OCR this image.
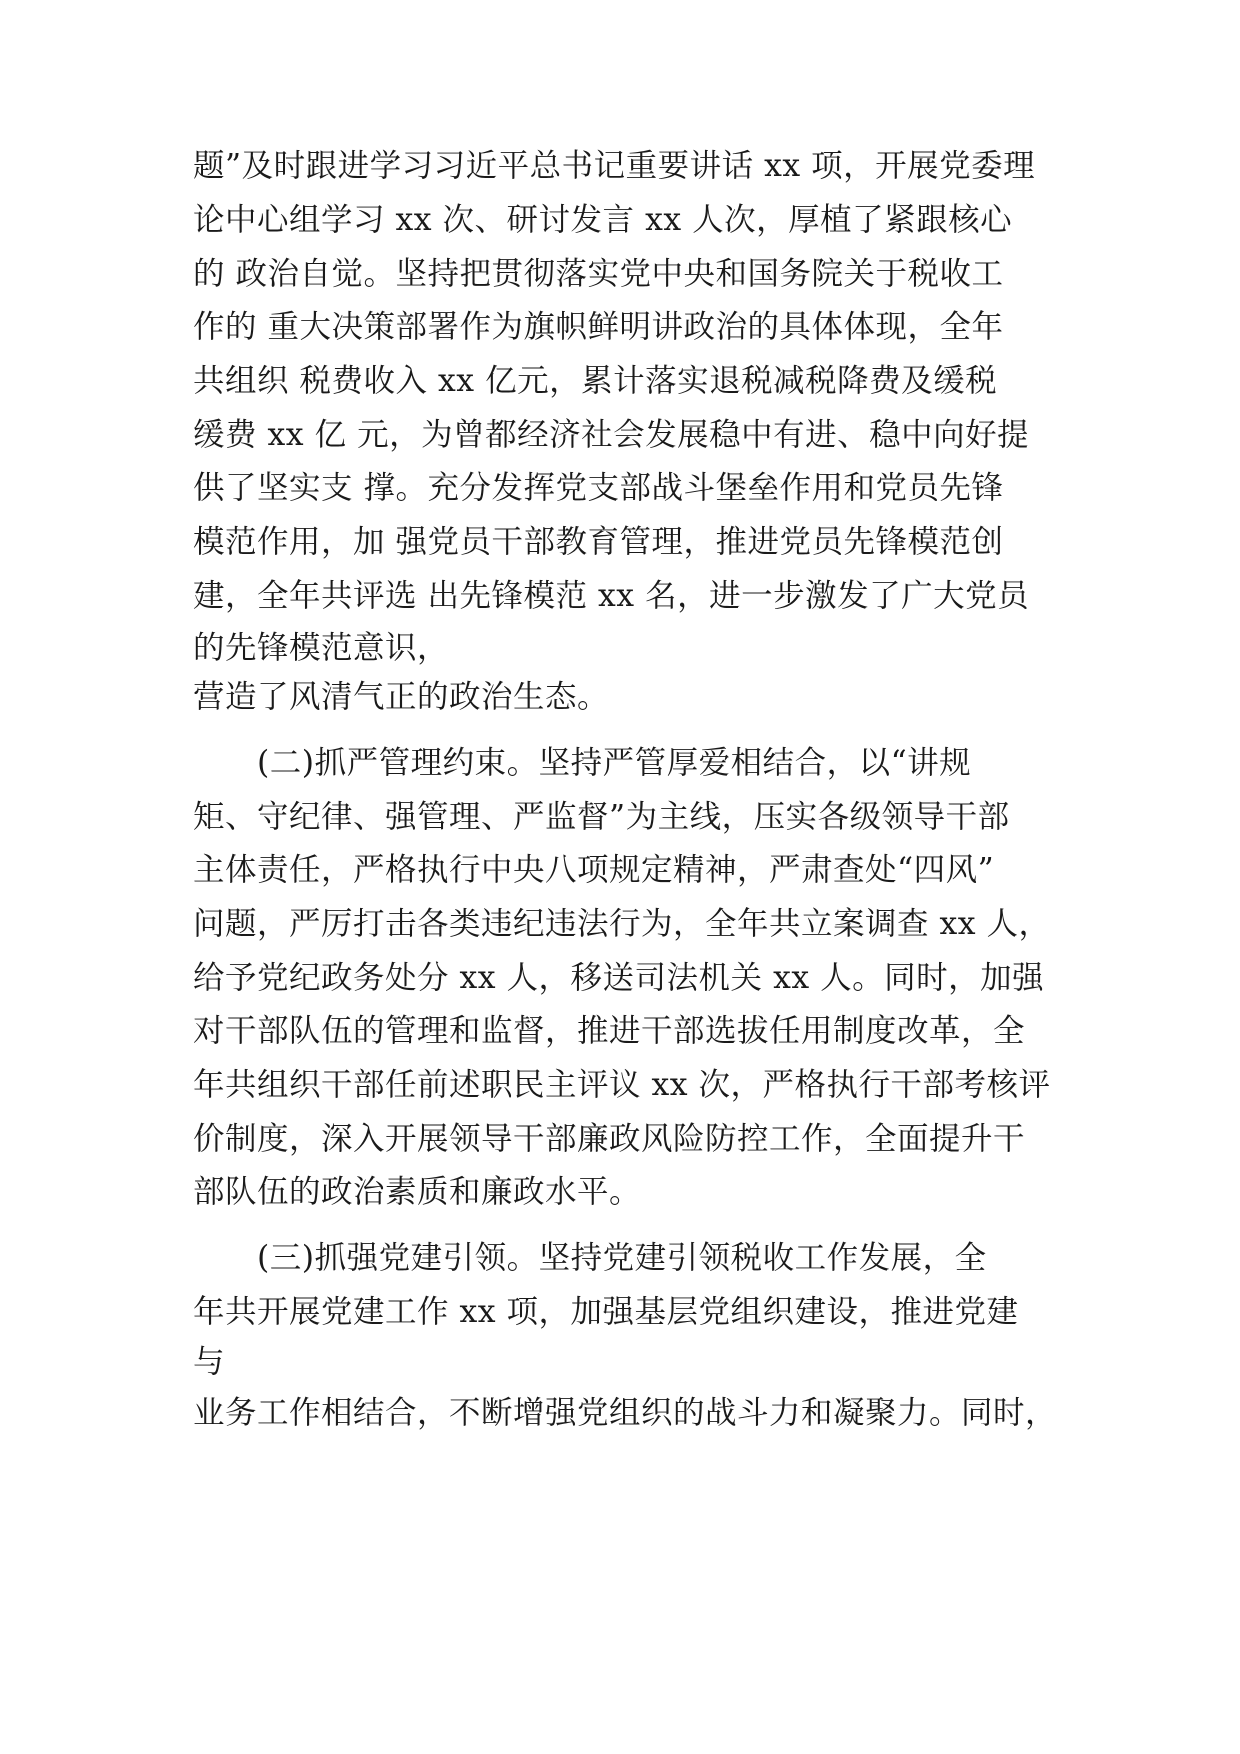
题”及时跟进学习习近平总书记重要讲话 xx 项，开展党委理

论中心组学习 xx 次、研讨发言 xx 人次，厚植了紧跟核心

的 政治自觉。坚持把贯彻落实党中央和国务院关于税收工

作的 重大决策部署作为旗帜鲜明讲政治的具体体现，全年

共组织 税费收入 xx 亿元，累计落实退税减税降费及缓税

缓费 xx 亿 元，为曾都经济社会发展稳中有进、稳中向好提

供了坚实支 撑。充分发挥党支部战斗堡垒作用和党员先锋

模范作用，加 强党员干部教育管理，推进党员先锋模范创

建，全年共评选 出先锋模范 xx 名，进一步激发了广大党员

的先锋模范意识，

营造了风清气正的政治生态。

　　(二)抓严管理约束。坚持严管厚爱相结合，以“讲规

矩、守纪律、强管理、严监督”为主线，压实各级领导干部

主体责任，严格执行中央八项规定精神，严肃查处“四风”

问题，严厉打击各类违纪违法行为，全年共立案调查 xx 人，

给予党纪政务处分 xx 人，移送司法机关 xx 人。同时，加强

对干部队伍的管理和监督，推进干部选拔任用制度改革，全

年共组织干部任前述职民主评议 xx 次，严格执行干部考核评

价制度，深入开展领导干部廉政风险防控工作，全面提升干

部队伍的政治素质和廉政水平。

　　(三)抓强党建引领。坚持党建引领税收工作发展，全

年共开展党建工作 xx 项，加强基层党组织建设，推进党建

与

业务工作相结合，不断增强党组织的战斗力和凝聚力。同时，
